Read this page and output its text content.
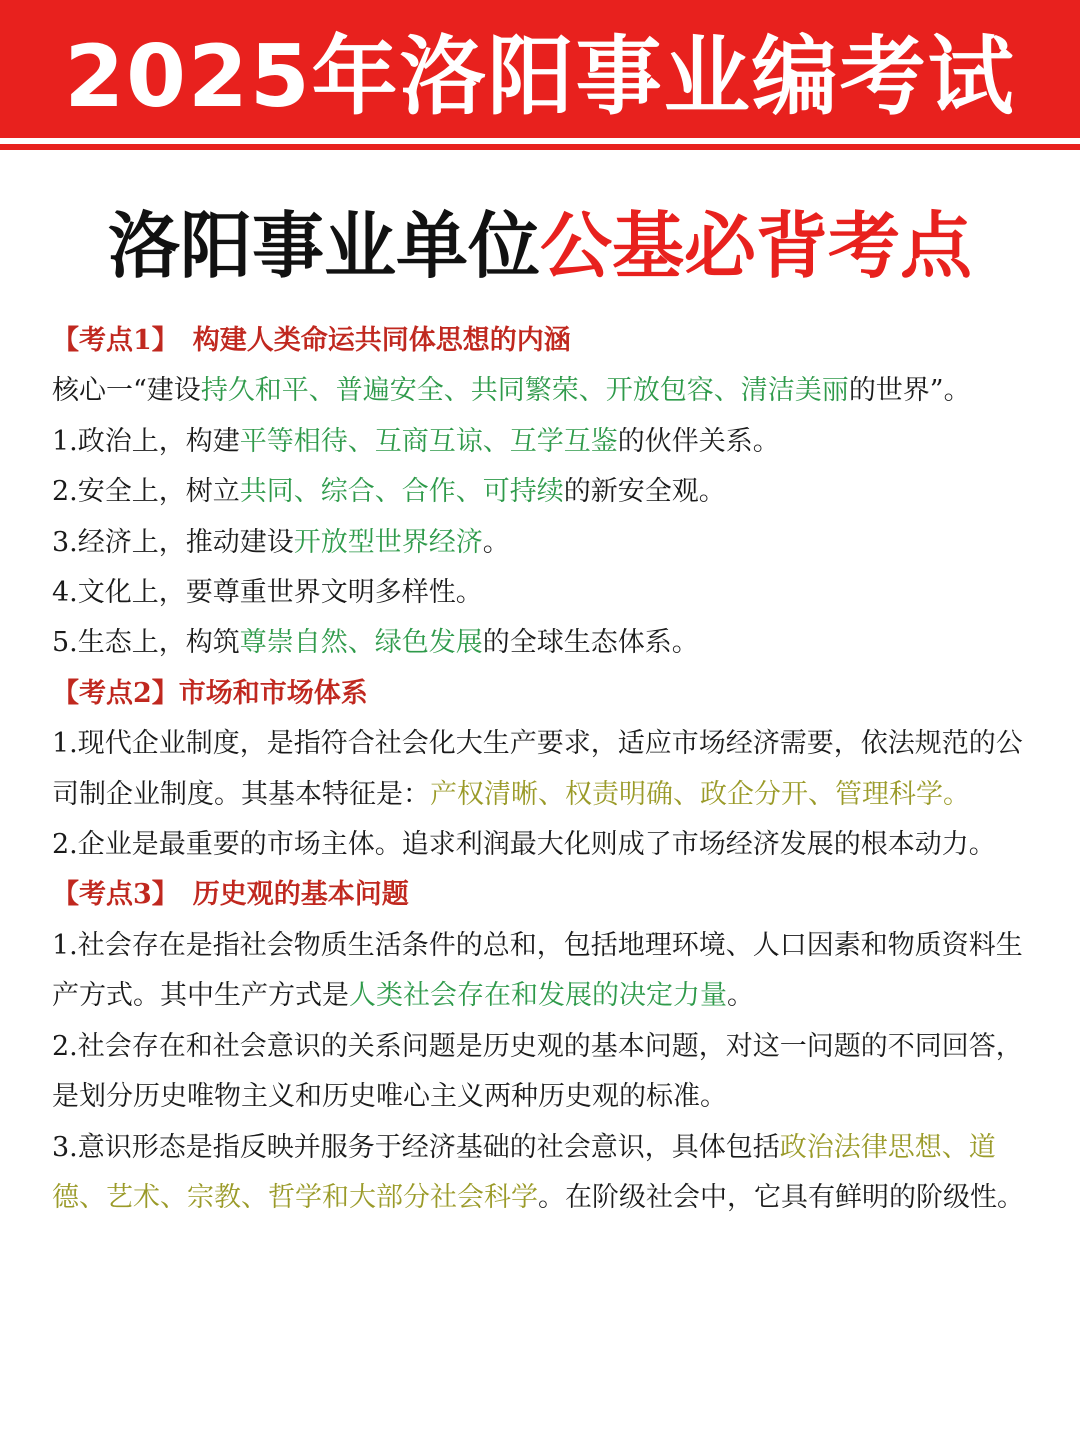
2025年洛阳事业编考试
洛阳事业单位公基必背考点
【考点1】 构建人类命运共同体思想的内涵
核心一“建设持久和平、普遍安全、共同繁荣、开放包容、清洁美丽的世界”。
1.政治上，构建平等相待、互商互谅、互学互鉴的伙伴关系。
2.安全上，树立共同、综合、合作、可持续的新安全观。
3.经济上，推动建设开放型世界经济。
4.文化上，要尊重世界文明多样性。
5.生态上，构筑尊崇自然、绿色发展的全球生态体系。
【考点2】市场和市场体系
1.现代企业制度，是指符合社会化大生产要求，适应市场经济需要，依法规范的公 司制企业制度。其基本特征是：产权清晰、权责明确、政企分开、管理科学。
2.企业是最重要的市场主体。追求利润最大化则成了市场经济发展的根本动力。
【考点3】 历史观的基本问题
1.社会存在是指社会物质生活条件的总和，包括地理环境、人口因素和物质资料生产方式。其中生产方式是人类社会存在和发展的决定力量。
2.社会存在和社会意识的关系问题是历史观的基本问题，对这一问题的不同回答，是划分历史唯物主义和历史唯心主义两种历史观的标准。
3.意识形态是指反映并服务于经济基础的社会意识，具体包括政治法律思想、道德、艺术、宗教、哲学和大部分社会科学。在阶级社会中，它具有鲜明的阶级性。
